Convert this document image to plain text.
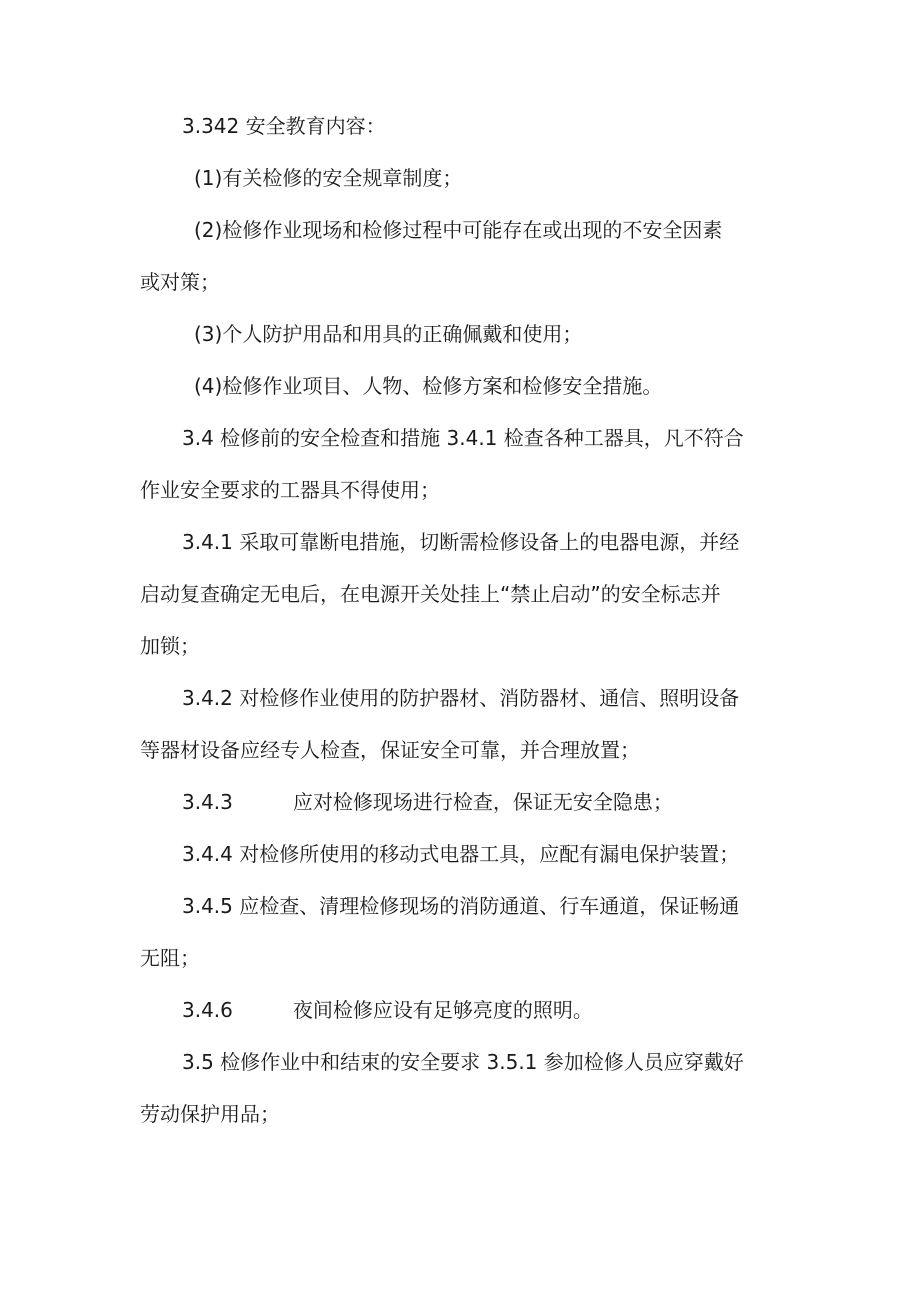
3.342 安全教育内容：

(1)有关检修的安全规章制度；

(2)检修作业现场和检修过程中可能存在或出现的不安全因素
或对策；

(3)个人防护用品和用具的正确佩戴和使用；

(4)检修作业项目、人物、检修方案和检修安全措施。

3.4 检修前的安全检查和措施 3.4.1 检查各种工器具，凡不符合
作业安全要求的工器具不得使用；

3.4.1 采取可靠断电措施，切断需检修设备上的电器电源，并经
启动复查确定无电后，在电源开关处挂上“禁止启动”的安全标志并
加锁；

3.4.2 对检修作业使用的防护器材、消防器材、通信、照明设备
等器材设备应经专人检查，保证安全可靠，并合理放置；

3.4.3	应对检修现场进行检查，保证无安全隐患；

3.4.4 对检修所使用的移动式电器工具，应配有漏电保护装置；

3.4.5 应检查、清理检修现场的消防通道、行车通道，保证畅通
无阻；

3.4.6	夜间检修应设有足够亮度的照明。

3.5 检修作业中和结束的安全要求 3.5.1 参加检修人员应穿戴好
劳动保护用品；
